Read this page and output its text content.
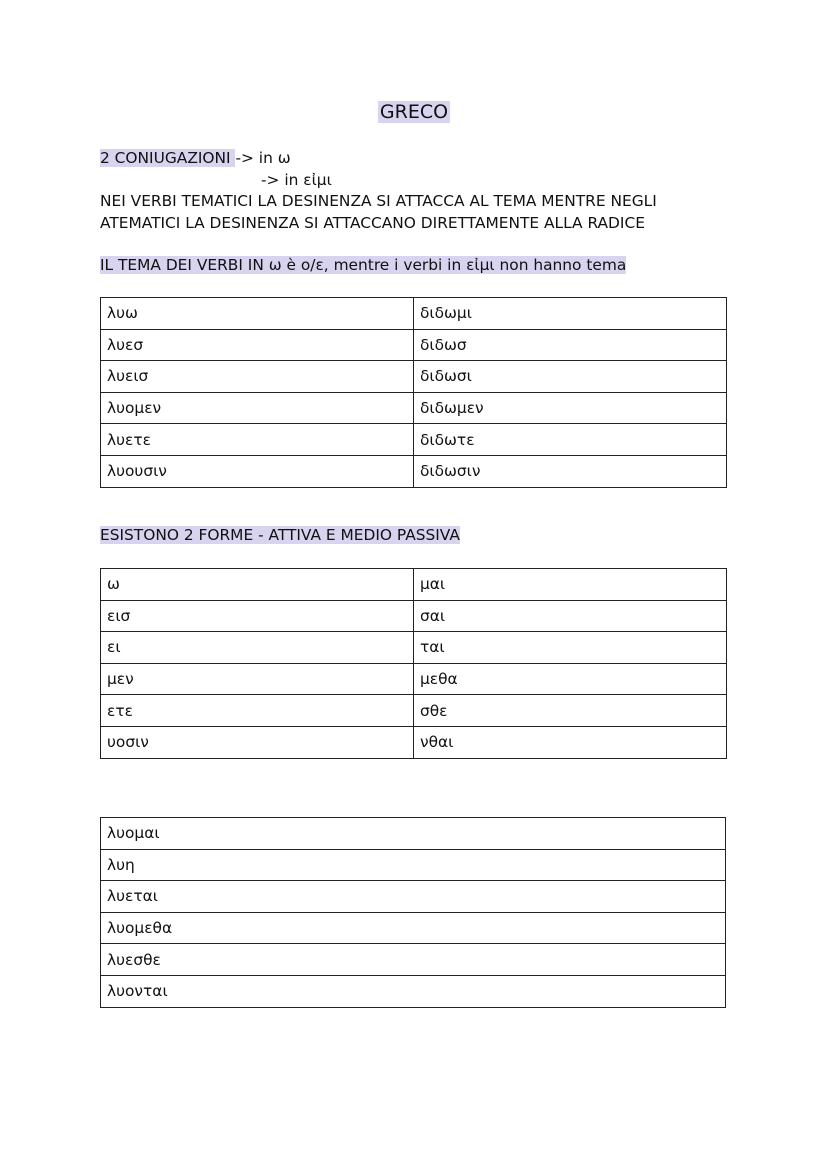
GRECO
2 CONIUGAZIONI -> in ω
-> in εἰμι
NEI VERBI TEMATICI LA DESINENZA SI ATTACCA AL TEMA MENTRE NEGLI
ATEMATICI LA DESINENZA SI ATTACCANO DIRETTAMENTE ALLA RADICE
IL TEMA DEI VERBI IN ω è ο/ε, mentre i verbi in εἰμι non hanno tema
λυω	διδωμι
λυεσ	διδωσ
λυεισ	διδωσι
λυομεν	διδωμεν
λυετε	διδωτε
λυουσιν	διδωσιν
ESISTONO 2 FORME - ATTIVA E MEDIO PASSIVA
ω	μαι
εισ	σαι
ει	ται
μεν	μεθα
ετε	σθε
υοσιν	νθαι
λυομαι
λυη
λυεται
λυομεθα
λυεσθε
λυονται
